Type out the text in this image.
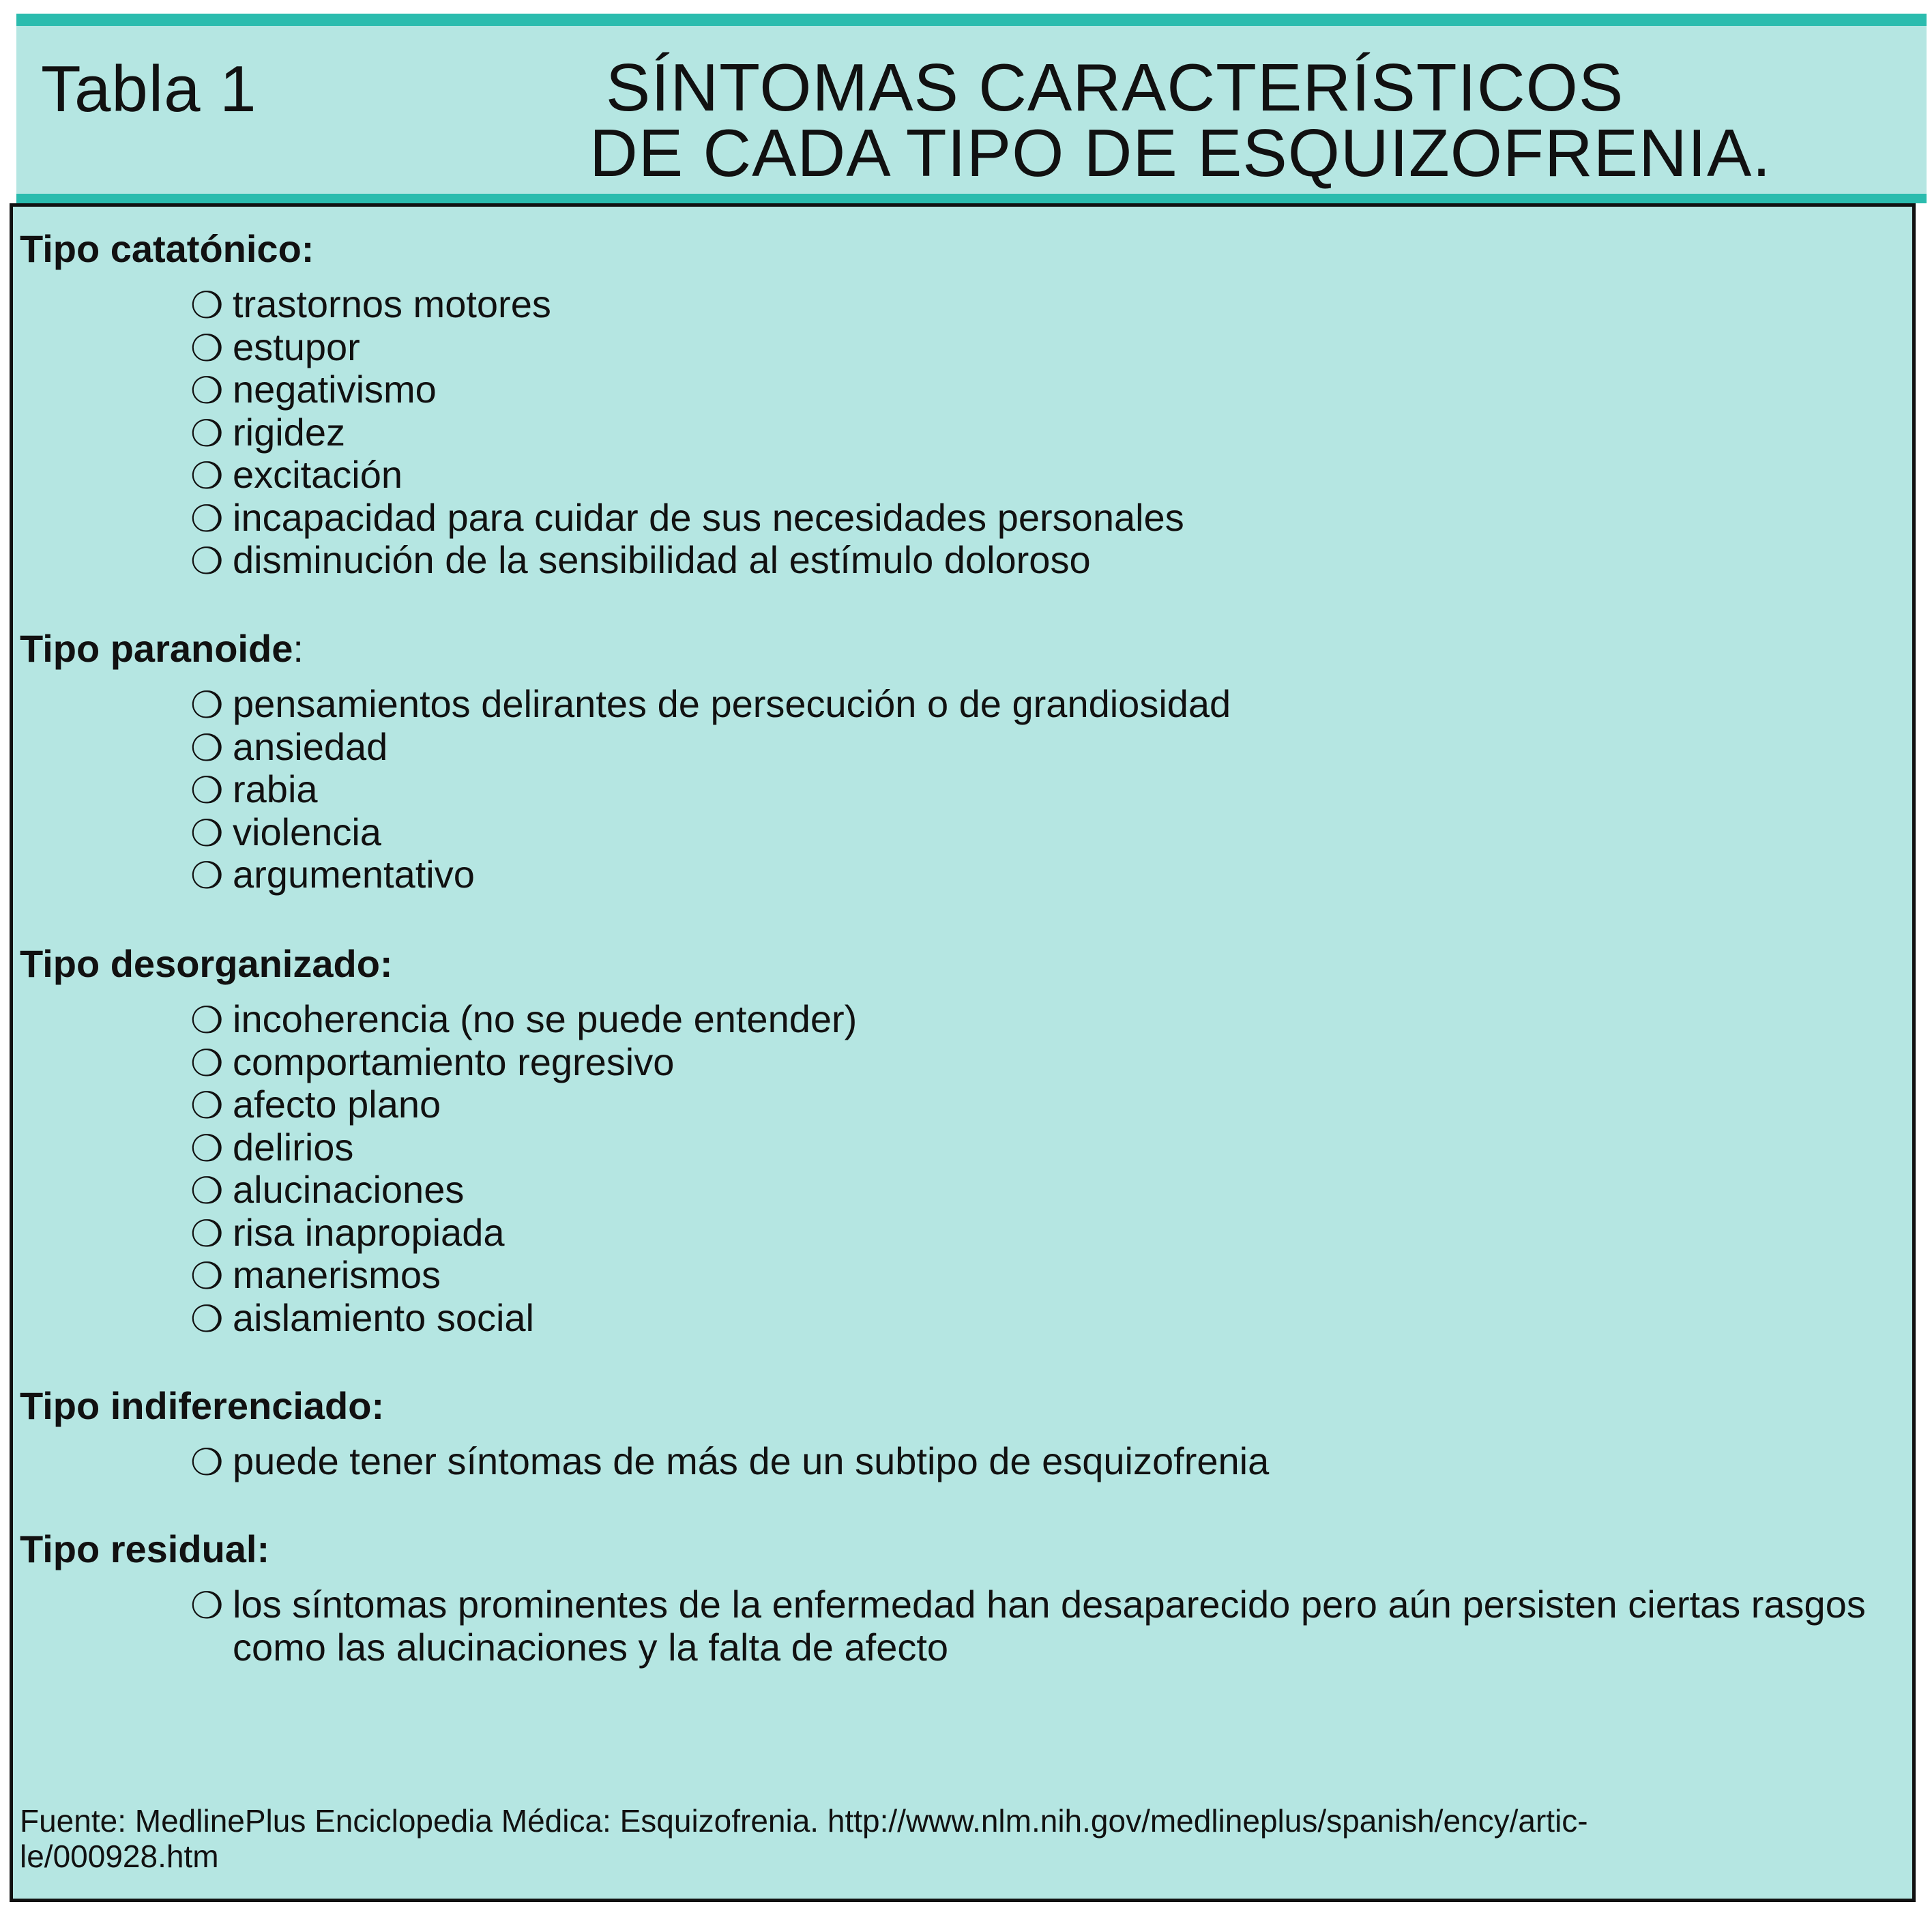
Tabla 1	SÍNTOMAS CARACTERÍSTICOS
DE CADA TIPO DE ESQUIZOFRENIA.
Tipo catatónico:
❍ trastornos motores
❍ estupor
❍ negativismo
❍ rigidez
❍ excitación
❍ incapacidad para cuidar de sus necesidades personales
❍ disminución de la sensibilidad al estímulo doloroso
Tipo paranoide:
❍ pensamientos delirantes de persecución o de grandiosidad
❍ ansiedad
❍ rabia
❍ violencia
❍ argumentativo
Tipo desorganizado:
❍ incoherencia (no se puede entender)
❍ comportamiento regresivo
❍ afecto plano
❍ delirios
❍ alucinaciones
❍ risa inapropiada
❍ manerismos
❍ aislamiento social
Tipo indiferenciado:
❍ puede tener síntomas de más de un subtipo de esquizofrenia
Tipo residual:
❍ los síntomas prominentes de la enfermedad han desaparecido pero aún persisten ciertas rasgos como las alucinaciones y la falta de afecto
Fuente: MedlinePlus Enciclopedia Médica: Esquizofrenia. http://www.nlm.nih.gov/medlineplus/spanish/ency/artic-le/000928.htm
